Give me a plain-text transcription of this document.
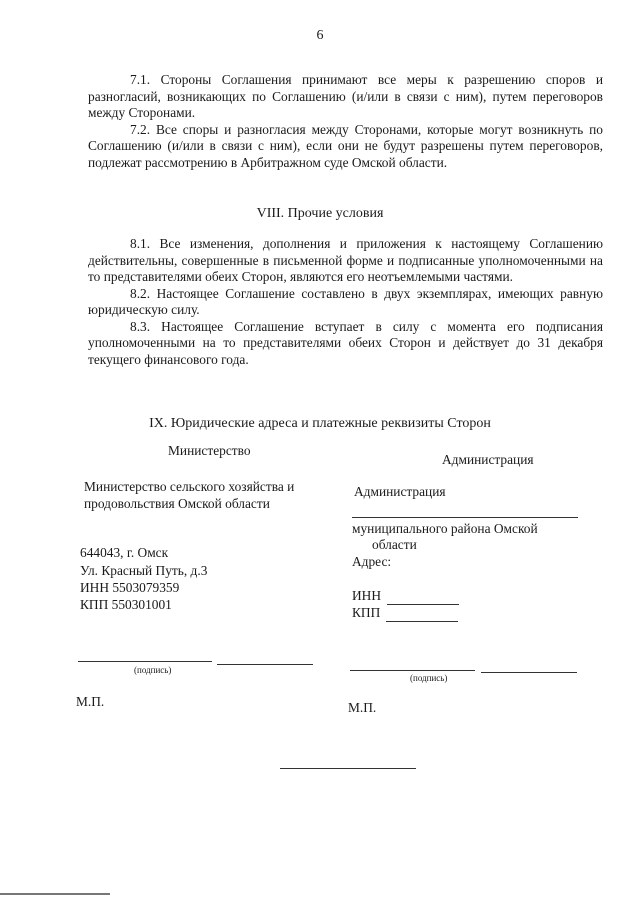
6

7.1. Стороны Соглашения принимают все меры к разрешению споров и разногласий, возникающих по Соглашению (и/или в связи с ним), путем переговоров между Сторонами.

7.2. Все споры и разногласия между Сторонами, которые могут возникнуть по Соглашению (и/или в связи с ним), если они не будут разрешены путем переговоров, подлежат рассмотрению в Арбитражном суде Омской области.

VIII. Прочие условия

8.1. Все изменения, дополнения и приложения к настоящему Соглашению действительны, совершенные в письменной форме и подписанные уполномоченными на то представителями обеих Сторон, являются его неотъемлемыми частями.

8.2. Настоящее Соглашение составлено в двух экземплярах, имеющих равную юридическую силу.

8.3. Настоящее Соглашение вступает в силу с момента его подписания уполномоченными на то представителями обеих Сторон и действует до 31 декабря текущего финансового года.

IX. Юридические адреса и платежные реквизиты Сторон
Министерство
Министерство сельского хозяйства и
продовольствия Омской области
644043, г. Омск
Ул. Красный Путь, д.3
ИНН 5503079359
КПП 550301001
(подпись)
М.П.
Администрация
Администрация
муниципального района Омской
области
Адрес:
ИНН
КПП
(подпись)
М.П.
